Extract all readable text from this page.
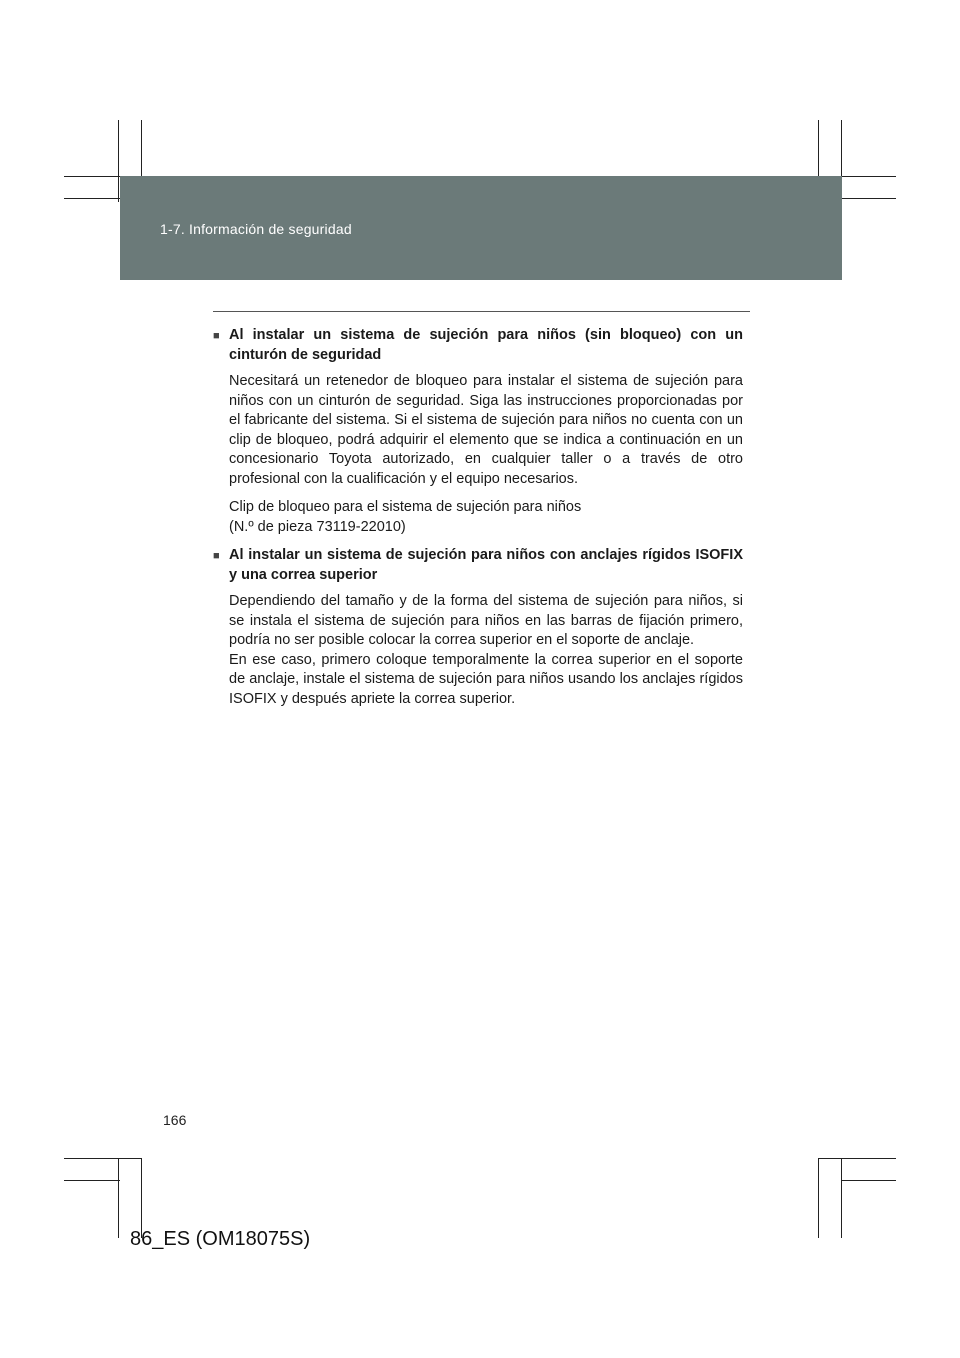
1-7. Información de seguridad
■ Al instalar un sistema de sujeción para niños (sin bloqueo) con un cinturón de seguridad
Necesitará un retenedor de bloqueo para instalar el sistema de sujeción para niños con un cinturón de seguridad. Siga las instrucciones proporcionadas por el fabricante del sistema. Si el sistema de sujeción para niños no cuenta con un clip de bloqueo, podrá adquirir el elemento que se indica a continuación en un concesionario Toyota autorizado, en cualquier taller o a través de otro profesional con la cualificación y el equipo necesarios.
Clip de bloqueo para el sistema de sujeción para niños
(N.º de pieza 73119-22010)
■ Al instalar un sistema de sujeción para niños con anclajes rígidos ISOFIX y una correa superior
Dependiendo del tamaño y de la forma del sistema de sujeción para niños, si se instala el sistema de sujeción para niños en las barras de fijación primero, podría no ser posible colocar la correa superior en el soporte de anclaje.
En ese caso, primero coloque temporalmente la correa superior en el soporte de anclaje, instale el sistema de sujeción para niños usando los anclajes rígidos ISOFIX y después apriete la correa superior.
166
86_ES (OM18075S)
